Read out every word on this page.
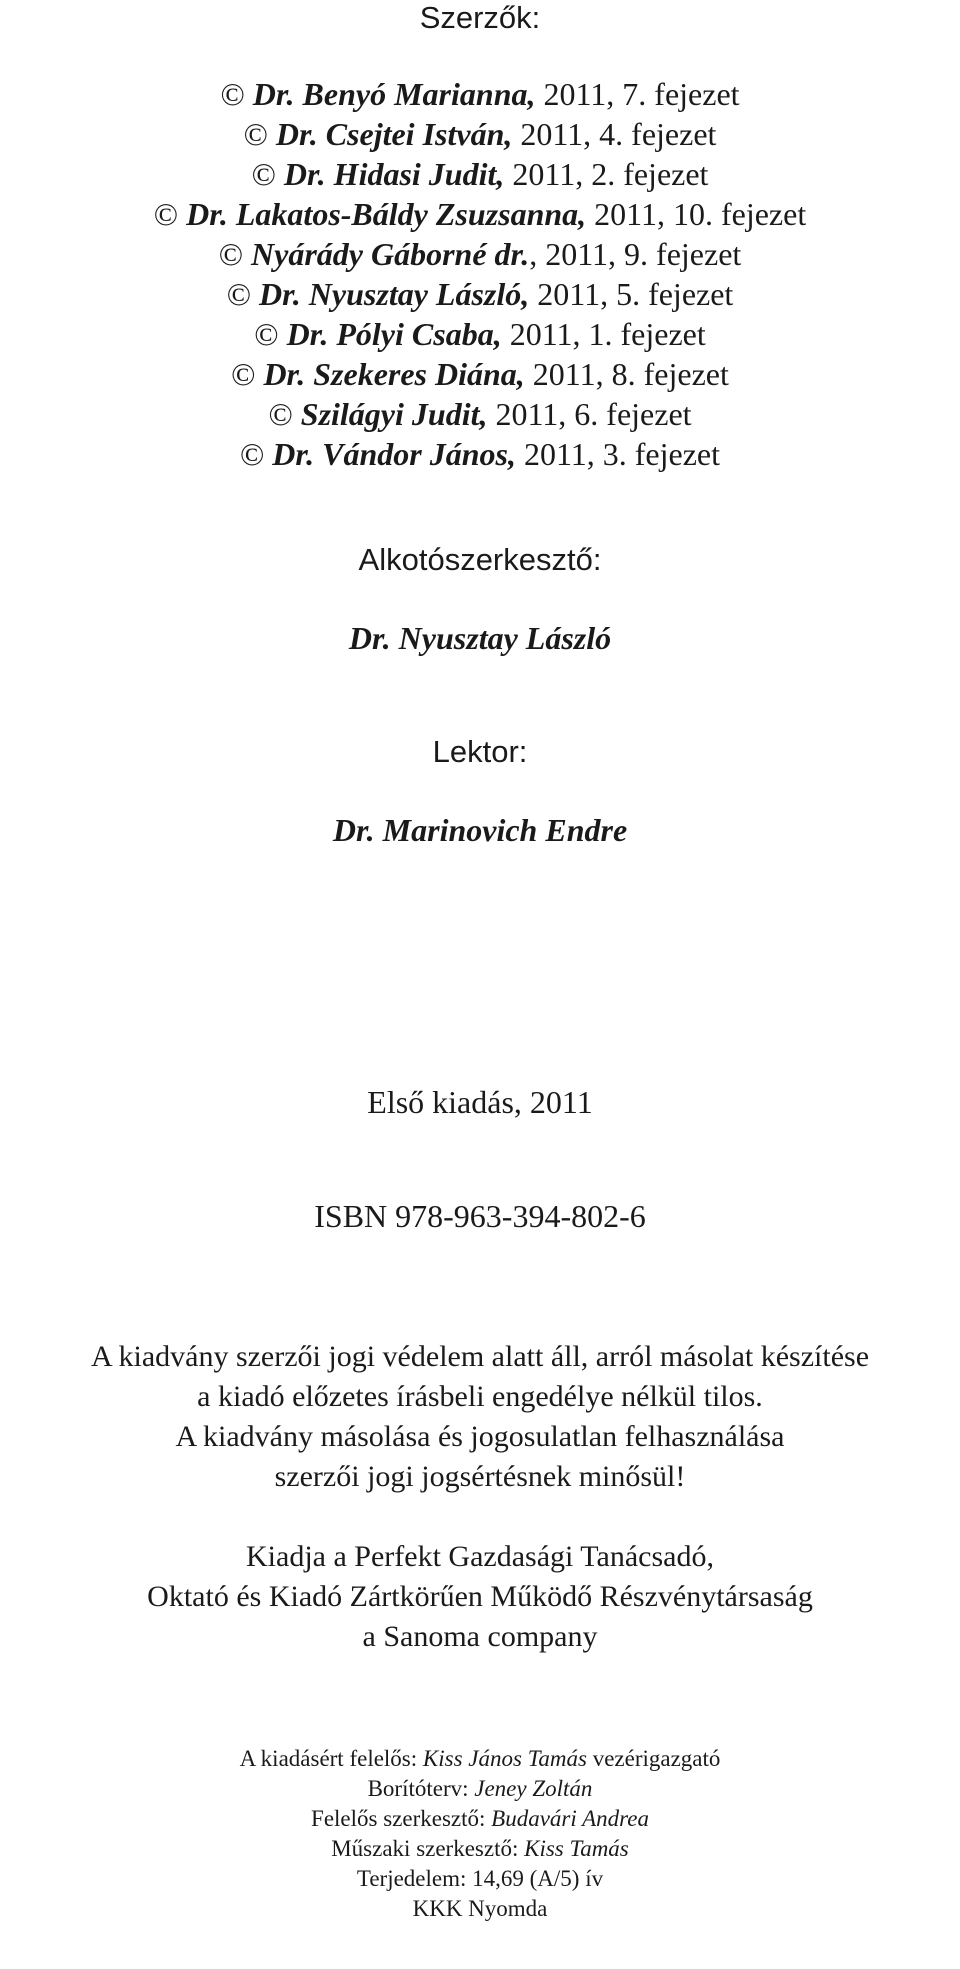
Szerzők:
© Dr. Benyó Marianna, 2011, 7. fejezet
© Dr. Csejtei István, 2011, 4. fejezet
© Dr. Hidasi Judit, 2011, 2. fejezet
© Dr. Lakatos-Báldy Zsuzsanna, 2011, 10. fejezet
© Nyárády Gáborné dr., 2011, 9. fejezet
© Dr. Nyusztay László, 2011, 5. fejezet
© Dr. Pólyi Csaba, 2011, 1. fejezet
© Dr. Szekeres Diána, 2011, 8. fejezet
© Szilágyi Judit, 2011, 6. fejezet
© Dr. Vándor János, 2011, 3. fejezet
Alkotószerkesztő:
Dr. Nyusztay László
Lektor:
Dr. Marinovich Endre
Első kiadás, 2011
ISBN 978-963-394-802-6
A kiadvány szerzői jogi védelem alatt áll, arról másolat készítése
a kiadó előzetes írásbeli engedélye nélkül tilos.
A kiadvány másolása és jogosulatlan felhasználása
szerzői jogi jogsértésnek minősül!
Kiadja a Perfekt Gazdasági Tanácsadó,
Oktató és Kiadó Zártkörűen Működő Részvénytársaság
a Sanoma company
A kiadásért felelős: Kiss János Tamás vezérigazgató
Borítóterv: Jeney Zoltán
Felelős szerkesztő: Budavári Andrea
Műszaki szerkesztő: Kiss Tamás
Terjedelem: 14,69 (A/5) ív
KKK Nyomda
